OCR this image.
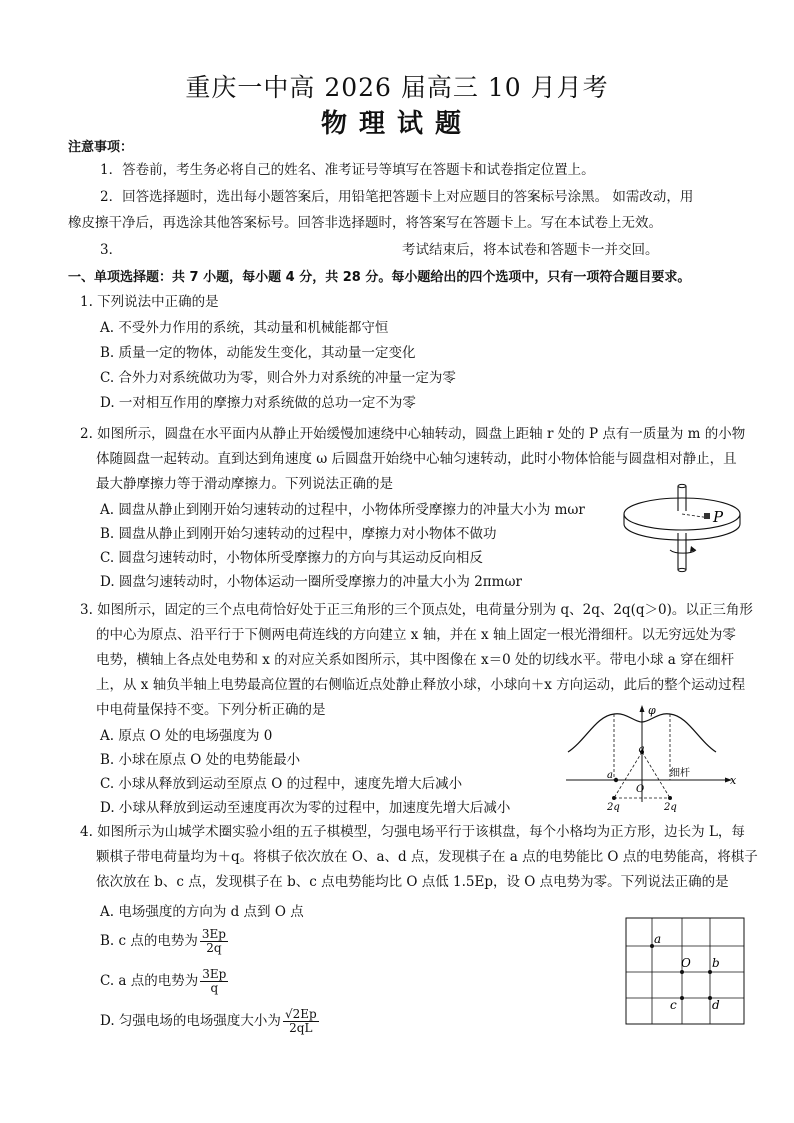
重庆一中高 2026 届高三 10 月月考
物理试题
注意事项：
1．答卷前，考生务必将自己的姓名、准考证号等填写在答题卡和试卷指定位置上。
2．回答选择题时，选出每小题答案后，用铅笔把答题卡上对应题目的答案标号涂黑。 如需改动，用
橡皮擦干净后，再选涂其他答案标号。回答非选择题时，将答案写在答题卡上。写在本试卷上无效。
3．	考试结束后，将本试卷和答题卡一并交回。
一、单项选择题：共 7 小题，每小题 4 分，共 28 分。每小题给出的四个选项中，只有一项符合题目要求。
1. 下列说法中正确的是
A. 不受外力作用的系统，其动量和机械能都守恒
B. 质量一定的物体，动能发生变化，其动量一定变化
C. 合外力对系统做功为零，则合外力对系统的冲量一定为零
D. 一对相互作用的摩擦力对系统做的总功一定不为零
2. 如图所示，圆盘在水平面内从静止开始缓慢加速绕中心轴转动，圆盘上距轴 r 处的 P 点有一质量为 m 的小物
体随圆盘一起转动。直到达到角速度 ω 后圆盘开始绕中心轴匀速转动，此时小物体恰能与圆盘相对静止，且
最大静摩擦力等于滑动摩擦力。下列说法正确的是
A. 圆盘从静止到刚开始匀速转动的过程中，小物体所受摩擦力的冲量大小为 mωr
B. 圆盘从静止到刚开始匀速转动的过程中，摩擦力对小物体不做功
C. 圆盘匀速转动时，小物体所受摩擦力的方向与其运动反向相反
D. 圆盘匀速转动时，小物体运动一圈所受摩擦力的冲量大小为 2πmωr
P
3. 如图所示，固定的三个点电荷恰好处于正三角形的三个顶点处，电荷量分别为 q、2q、2q(q＞0)。以正三角形
的中心为原点、沿平行于下侧两电荷连线的方向建立 x 轴，并在 x 轴上固定一根光滑细杆。以无穷远处为零
电势，横轴上各点处电势和 x 的对应关系如图所示，其中图像在 x＝0 处的切线水平。带电小球 a 穿在细杆
上，从 x 轴负半轴上电势最高位置的右侧临近点处静止释放小球，小球向＋x 方向运动，此后的整个运动过程
中电荷量保持不变。下列分析正确的是
A. 原点 O 处的电场强度为 0
B. 小球在原点 O 处的电势能最小
C. 小球从释放到运动至原点 O 的过程中，速度先增大后减小
D. 小球从释放到运动至速度再次为零的过程中，加速度先增大后减小
φ
x
q
a
O
细杆
2q	2q
4. 如图所示为山城学术圈实验小组的五子棋模型，匀强电场平行于该棋盘，每个小格均为正方形，边长为 L，每
颗棋子带电荷量均为＋q。将棋子依次放在 O、a、d 点，发现棋子在 a 点的电势能比 O 点的电势能高，将棋子
依次放在 b、c 点，发现棋子在 b、c 点电势能均比 O 点低 1.5Ep，设 O 点电势为零。下列说法正确的是
A. 电场强度的方向为 d 点到 O 点
B. c 点的电势为 $\frac{3Ep}{2q}$
C. a 点的电势为 $\frac{3Ep}{q}$
D. 匀强电场的电场强度大小为 $\frac{√2Ep}{2qL}$
a
O b
c	d
